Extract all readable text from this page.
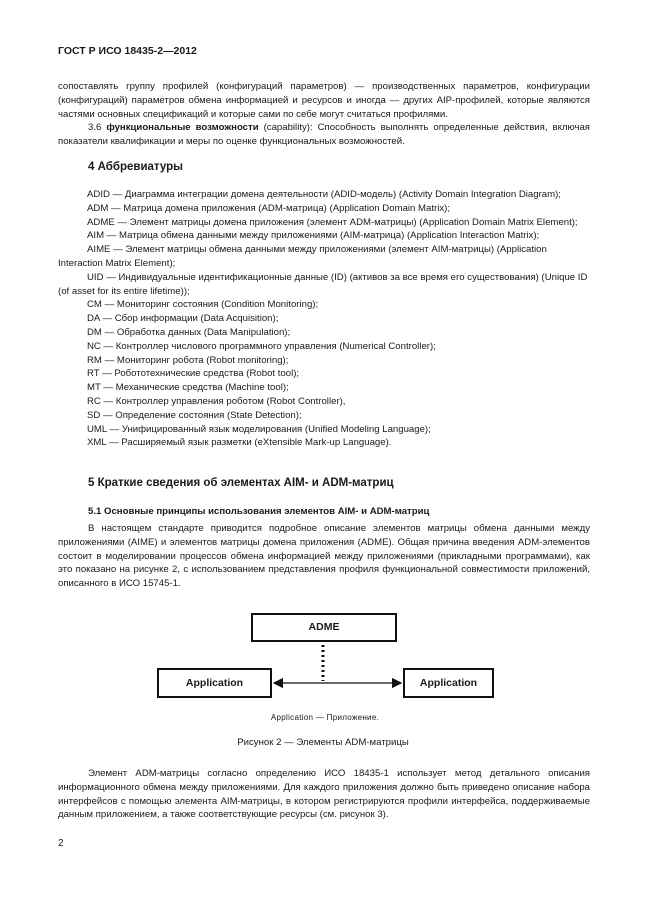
ГОСТ Р ИСО 18435-2—2012

сопоставлять группу профилей (конфигураций параметров) — производственных параметров, конфигурации (конфигураций) параметров обмена информацией и ресурсов и иногда — других AIP-профилей, которые являются частями основных спецификаций и которые сами по себе могут считаться профилями.

3.6 функциональные возможности (capability): Способность выполнять определенные действия, включая показатели квалификации и меры по оценке функциональных возможностей.

4 Аббревиатуры
ADID — Диаграмма интеграции домена деятельности (ADID-модель) (Activity Domain Integration Diagram);
ADM — Матрица домена приложения (ADM-матрица) (Application Domain Matrix);
ADME — Элемент матрицы домена приложения (элемент ADM-матрицы) (Application Domain Matrix Element);
AIM — Матрица обмена данными между приложениями (AIM-матрица) (Application Interaction Matrix);
AIME — Элемент матрицы обмена данными между приложениями (элемент AIM-матрицы) (Application Interaction Matrix Element);
UID — Индивидуальные идентификационные данные (ID) (активов за все время его существования) (Unique ID (of asset for its entire lifetime));
CM — Мониторинг состояния (Condition Monitoring);
DA — Сбор информации (Data Acquisition);
DM — Обработка данных (Data Manipulation);
NC — Контроллер числового программного управления (Numerical Controller);
RM — Мониторинг робота (Robot monitoring);
RT — Робототехнические средства (Robot tool);
MT — Механические средства (Machine tool);
RC — Контроллер управления роботом (Robot Controller),
SD — Определение состояния (State Detection);
UML — Унифицированный язык моделирования (Unified Modeling Language);
XML — Расширяемый язык разметки (eXtensible Mark-up Language).
5 Краткие сведения об элементах AIM- и ADM-матриц
5.1 Основные принципы использования элементов AIM- и ADM-матриц

В настоящем стандарте приводится подробное описание элементов матрицы обмена данными между приложениями (AIME) и элементов матрицы домена приложения (ADME). Общая причина введения ADM-элементов состоит в моделировании процессов обмена информацией между приложениями (прикладными программами), как это показано на рисунке 2, с использованием представления профиля функциональной совместимости приложений, описанного в ИСО 15745-1.

ADME
Application	Application
Application — Приложение.
Рисунок 2 — Элементы ADM-матрицы

Элемент ADM-матрицы согласно определению ИСО 18435-1 использует метод детального описания информационного обмена между приложениями. Для каждого приложения должно быть приведено описание набора интерфейсов с помощью элемента AIM-матрицы, в котором регистрируются профили интерфейса, поддерживаемые данным приложением, а также соответствующие ресурсы (см. рисунок 3).

2
